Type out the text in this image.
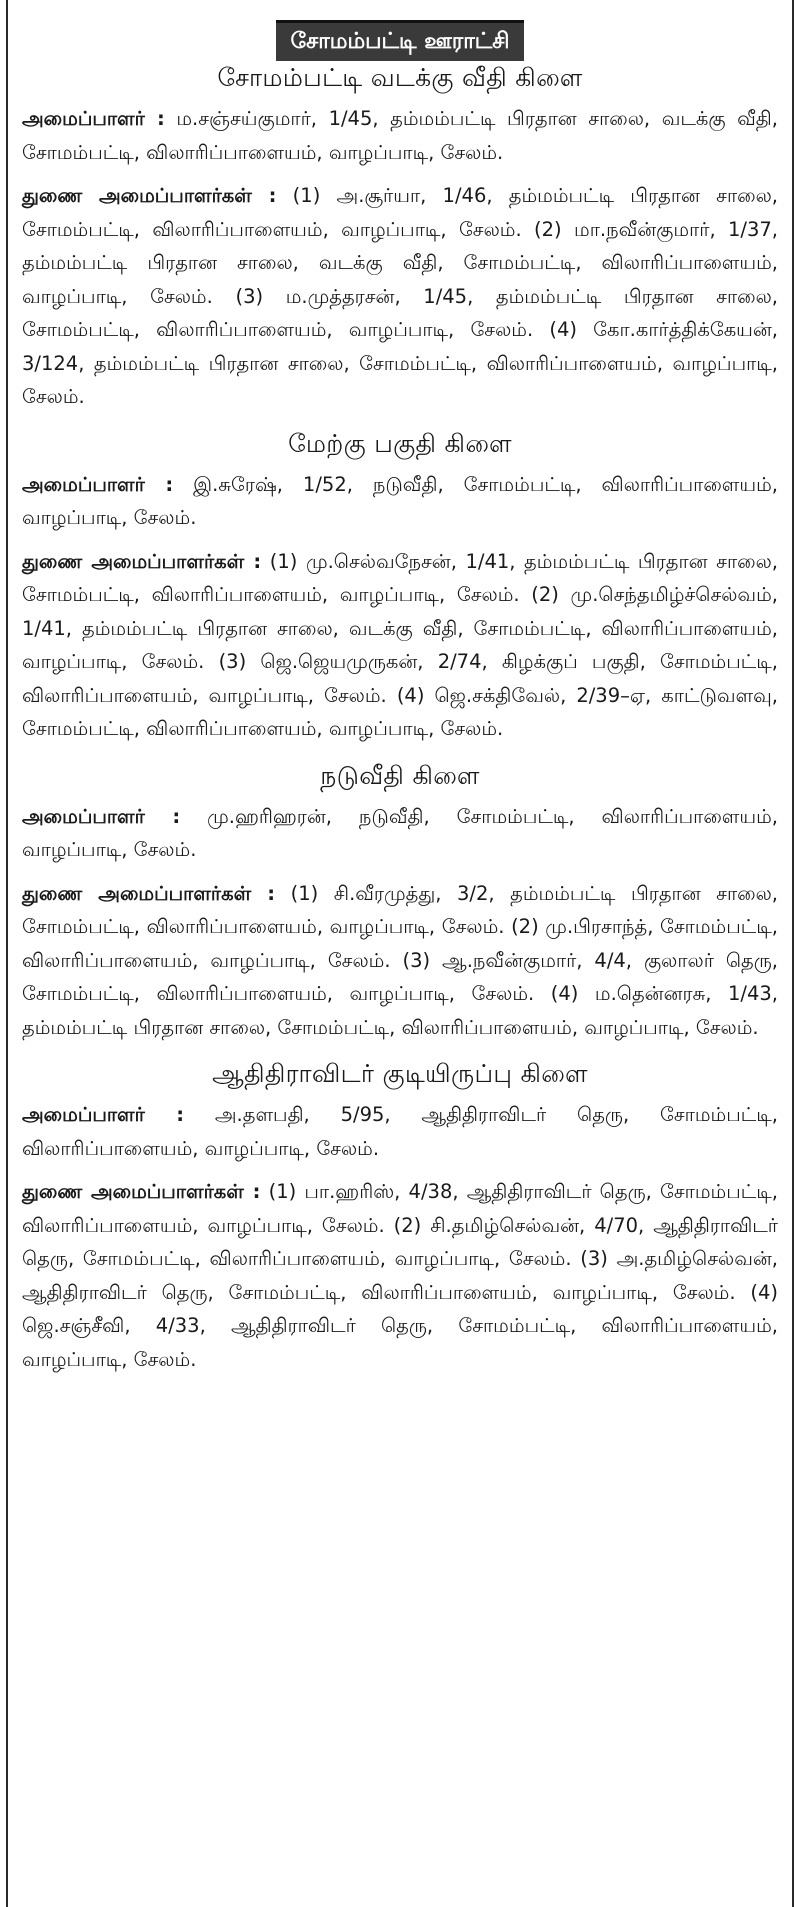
சோமம்பட்டி ஊராட்சி
சோமம்பட்டி வடக்கு வீதி கிளை

அமைப்பாளர் : ம.சஞ்சய்குமார், 1/45, தம்மம்பட்டி பிரதான சாலை, வடக்கு வீதி, சோமம்பட்டி, விலாரிப்பாளையம், வாழப்பாடி, சேலம்.

துணை அமைப்பாளர்கள் : (1) அ.சூர்யா, 1/46, தம்மம்பட்டி பிரதான சாலை, சோமம்பட்டி, விலாரிப்பாளையம், வாழப்பாடி, சேலம். (2) மா.நவீன்குமார், 1/37, தம்மம்பட்டி பிரதான சாலை, வடக்கு வீதி, சோமம்பட்டி, விலாரிப்பாளையம், வாழப்பாடி, சேலம். (3) ம.முத்தரசன், 1/45, தம்மம்பட்டி பிரதான சாலை, சோமம்பட்டி, விலாரிப்பாளையம், வாழப்பாடி, சேலம். (4) கோ.கார்த்திக்கேயன், 3/124, தம்மம்பட்டி பிரதான சாலை, சோமம்பட்டி, விலாரிப்பாளையம், வாழப்பாடி, சேலம்.

மேற்கு பகுதி கிளை

அமைப்பாளர் : இ.சுரேஷ், 1/52, நடுவீதி, சோமம்பட்டி, விலாரிப்பாளையம், வாழப்பாடி, சேலம்.

துணை அமைப்பாளர்கள் : (1) மு.செல்வநேசன், 1/41, தம்மம்பட்டி பிரதான சாலை, சோமம்பட்டி, விலாரிப்பாளையம், வாழப்பாடி, சேலம். (2) மு.செந்தமிழ்ச்செல்வம், 1/41, தம்மம்பட்டி பிரதான சாலை, வடக்கு வீதி, சோமம்பட்டி, விலாரிப்பாளையம், வாழப்பாடி, சேலம். (3) ஜெ.ஜெயமுருகன், 2/74, கிழக்குப் பகுதி, சோமம்பட்டி, விலாரிப்பாளையம், வாழப்பாடி, சேலம். (4) ஜெ.சக்திவேல், 2/39–ஏ, காட்டுவளவு, சோமம்பட்டி, விலாரிப்பாளையம், வாழப்பாடி, சேலம்.

நடுவீதி கிளை

அமைப்பாளர் : மு.ஹரிஹரன், நடுவீதி, சோமம்பட்டி, விலாரிப்பாளையம், வாழப்பாடி, சேலம்.

துணை அமைப்பாளர்கள் : (1) சி.வீரமுத்து, 3/2, தம்மம்பட்டி பிரதான சாலை, சோமம்பட்டி, விலாரிப்பாளையம், வாழப்பாடி, சேலம். (2) மு.பிரசாந்த், சோமம்பட்டி, விலாரிப்பாளையம், வாழப்பாடி, சேலம். (3) ஆ.நவீன்குமார், 4/4, குலாலர் தெரு, சோமம்பட்டி, விலாரிப்பாளையம், வாழப்பாடி, சேலம். (4) ம.தென்னரசு, 1/43, தம்மம்பட்டி பிரதான சாலை, சோமம்பட்டி, விலாரிப்பாளையம், வாழப்பாடி, சேலம்.

ஆதிதிராவிடர் குடியிருப்பு கிளை

அமைப்பாளர் : அ.தளபதி, 5/95, ஆதிதிராவிடர் தெரு, சோமம்பட்டி, விலாரிப்பாளையம், வாழப்பாடி, சேலம்.

துணை அமைப்பாளர்கள் : (1) பா.ஹரிஸ், 4/38, ஆதிதிராவிடர் தெரு, சோமம்பட்டி, விலாரிப்பாளையம், வாழப்பாடி, சேலம். (2) சி.தமிழ்செல்வன், 4/70, ஆதிதிராவிடர் தெரு, சோமம்பட்டி, விலாரிப்பாளையம், வாழப்பாடி, சேலம். (3) அ.தமிழ்செல்வன், ஆதிதிராவிடர் தெரு, சோமம்பட்டி, விலாரிப்பாளையம், வாழப்பாடி, சேலம். (4) ஜெ.சஞ்சீவி, 4/33, ஆதிதிராவிடர் தெரு, சோமம்பட்டி, விலாரிப்பாளையம், வாழப்பாடி, சேலம்.
